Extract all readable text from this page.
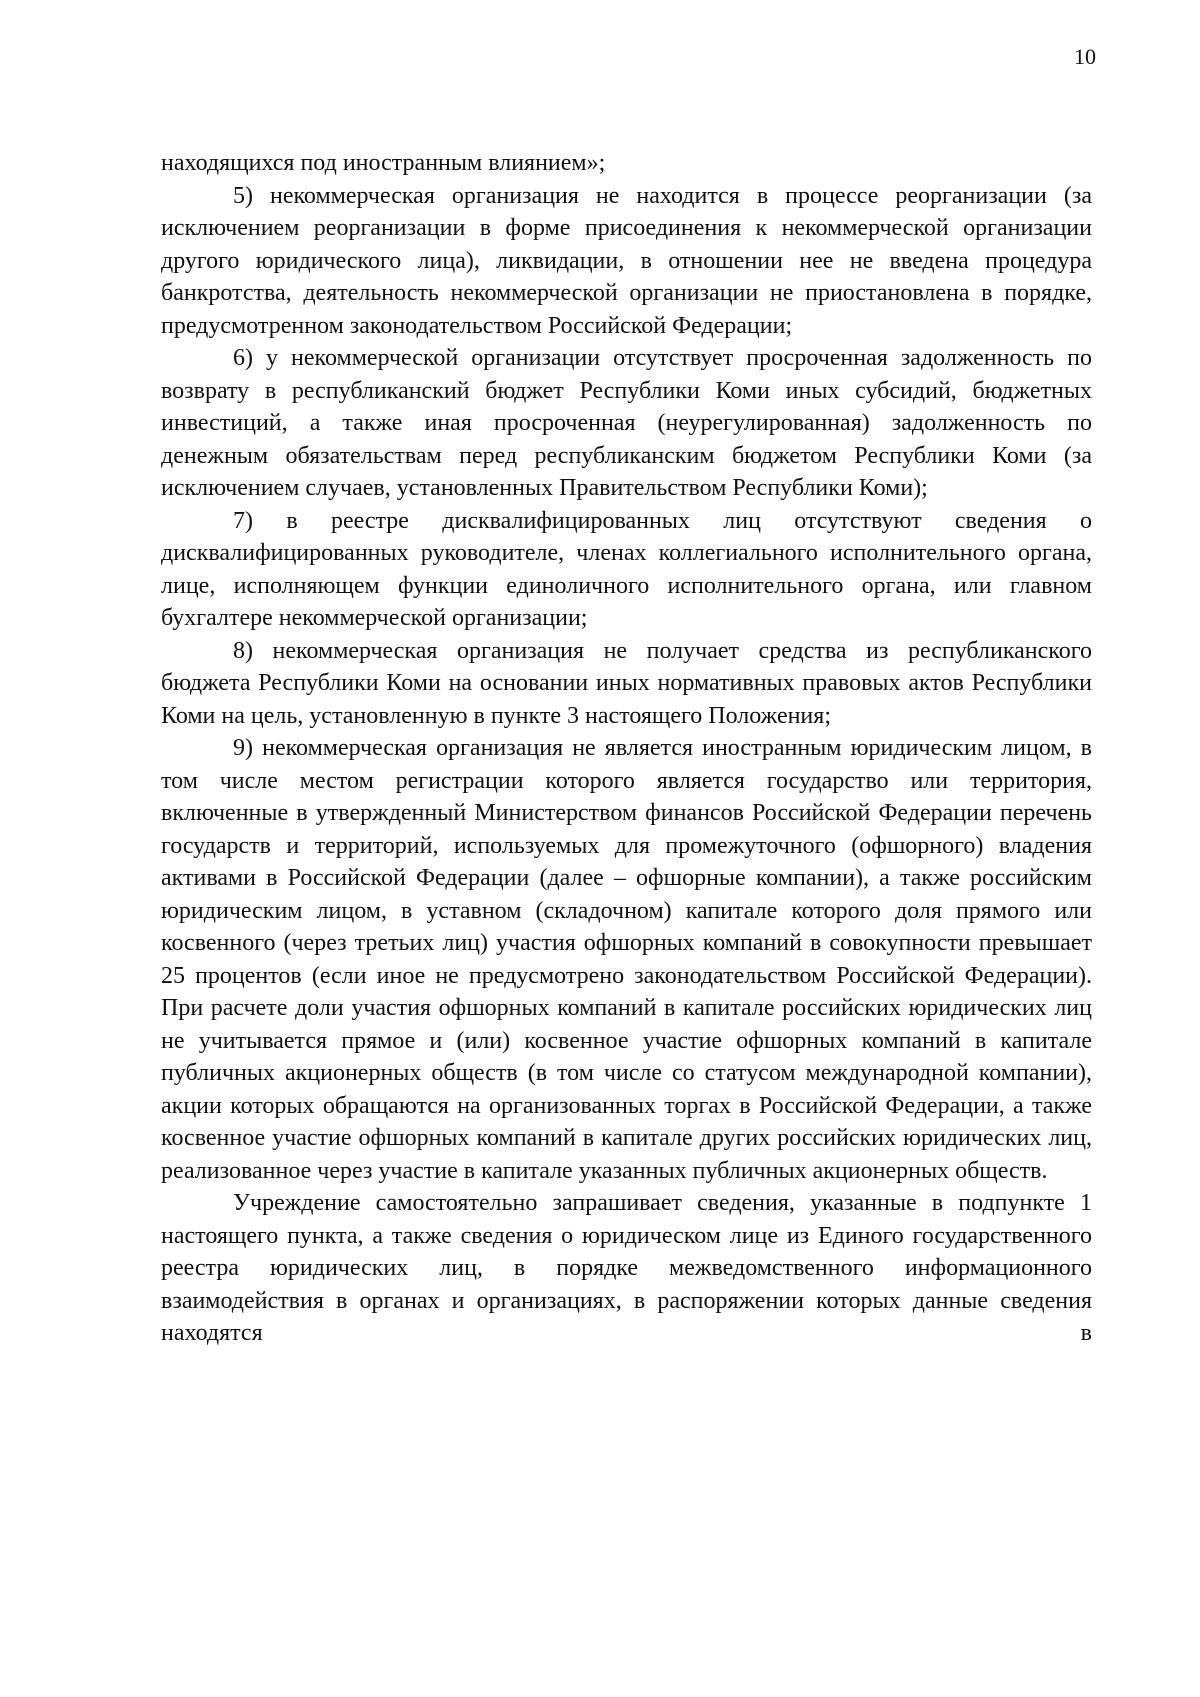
10

находящихся под иностранным влиянием»;

5) некоммерческая организация не находится в процессе реорганизации (за исключением реорганизации в форме присоединения к некоммерческой организации другого юридического лица), ликвидации, в отношении нее не введена процедура банкротства, деятельность некоммерческой организации не приостановлена в порядке, предусмотренном законодательством Российской Федерации;

6) у некоммерческой организации отсутствует просроченная задолженность по возврату в республиканский бюджет Республики Коми иных субсидий, бюджетных инвестиций, а также иная просроченная (неурегулированная) задолженность по денежным обязательствам перед республиканским бюджетом Республики Коми (за исключением случаев, установленных Правительством Республики Коми);

7) в реестре дисквалифицированных лиц отсутствуют сведения о дисквалифицированных руководителе, членах коллегиального исполнительного органа, лице, исполняющем функции единоличного исполнительного органа, или главном бухгалтере некоммерческой организации;

8) некоммерческая организация не получает средства из республиканского бюджета Республики Коми на основании иных нормативных правовых актов Республики Коми на цель, установленную в пункте 3 настоящего Положения;

9) некоммерческая организация не является иностранным юридическим лицом, в том числе местом регистрации которого является государство или территория, включенные в утвержденный Министерством финансов Российской Федерации перечень государств и территорий, используемых для промежуточного (офшорного) владения активами в Российской Федерации (далее – офшорные компании), а также российским юридическим лицом, в уставном (складочном) капитале которого доля прямого или косвенного (через третьих лиц) участия офшорных компаний в совокупности превышает 25 процентов (если иное не предусмотрено законодательством Российской Федерации). При расчете доли участия офшорных компаний в капитале российских юридических лиц не учитывается прямое и (или) косвенное участие офшорных компаний в капитале публичных акционерных обществ (в том числе со статусом международной компании), акции которых обращаются на организованных торгах в Российской Федерации, а также косвенное участие офшорных компаний в капитале других российских юридических лиц, реализованное через участие в капитале указанных публичных акционерных обществ.

Учреждение самостоятельно запрашивает сведения, указанные в подпункте 1 настоящего пункта, а также сведения о юридическом лице из Единого государственного реестра юридических лиц, в порядке межведомственного информационного взаимодействия в органах и организациях, в распоряжении которых данные сведения находятся в
